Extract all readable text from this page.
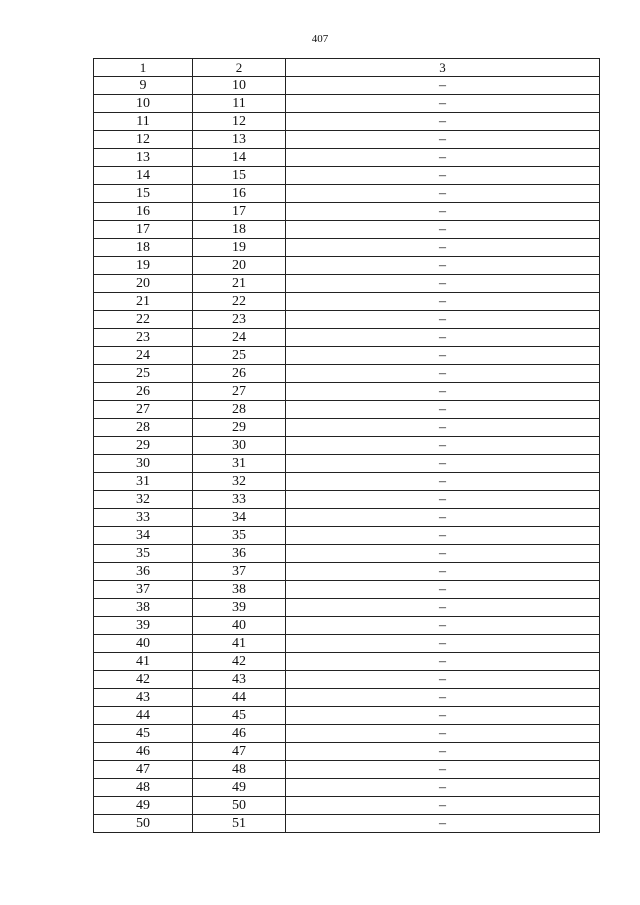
407
1	2	3
9	10	–
10	11	–
11	12	–
12	13	–
13	14	–
14	15	–
15	16	–
16	17	–
17	18	–
18	19	–
19	20	–
20	21	–
21	22	–
22	23	–
23	24	–
24	25	–
25	26	–
26	27	–
27	28	–
28	29	–
29	30	–
30	31	–
31	32	–
32	33	–
33	34	–
34	35	–
35	36	–
36	37	–
37	38	–
38	39	–
39	40	–
40	41	–
41	42	–
42	43	–
43	44	–
44	45	–
45	46	–
46	47	–
47	48	–
48	49	–
49	50	–
50	51	–
